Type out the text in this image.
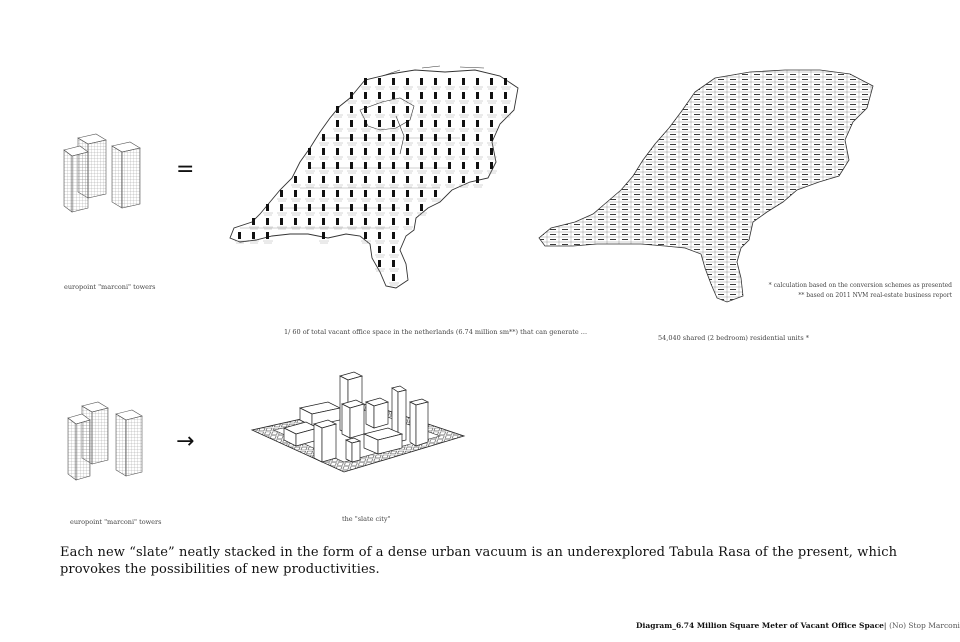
europoint "marconi" towers
=
1/ 60 of total vacant office space in the netherlands (6.74 million sm**) that can generate ...
54,040 shared (2 bedroom) residential units *
* calculation based on the conversion schemes as presented
** based on 2011 NVM real-estate business report
europoint "marconi" towers
→
the "slate city"
Each new “slate” neatly stacked in the form of a dense urban vacuum is an underexplored Tabula Rasa of the present, which provokes the possibilities of new productivities.
Diagram_6.74 Million Square Meter of Vacant Office Space| (No) Stop Marconi
